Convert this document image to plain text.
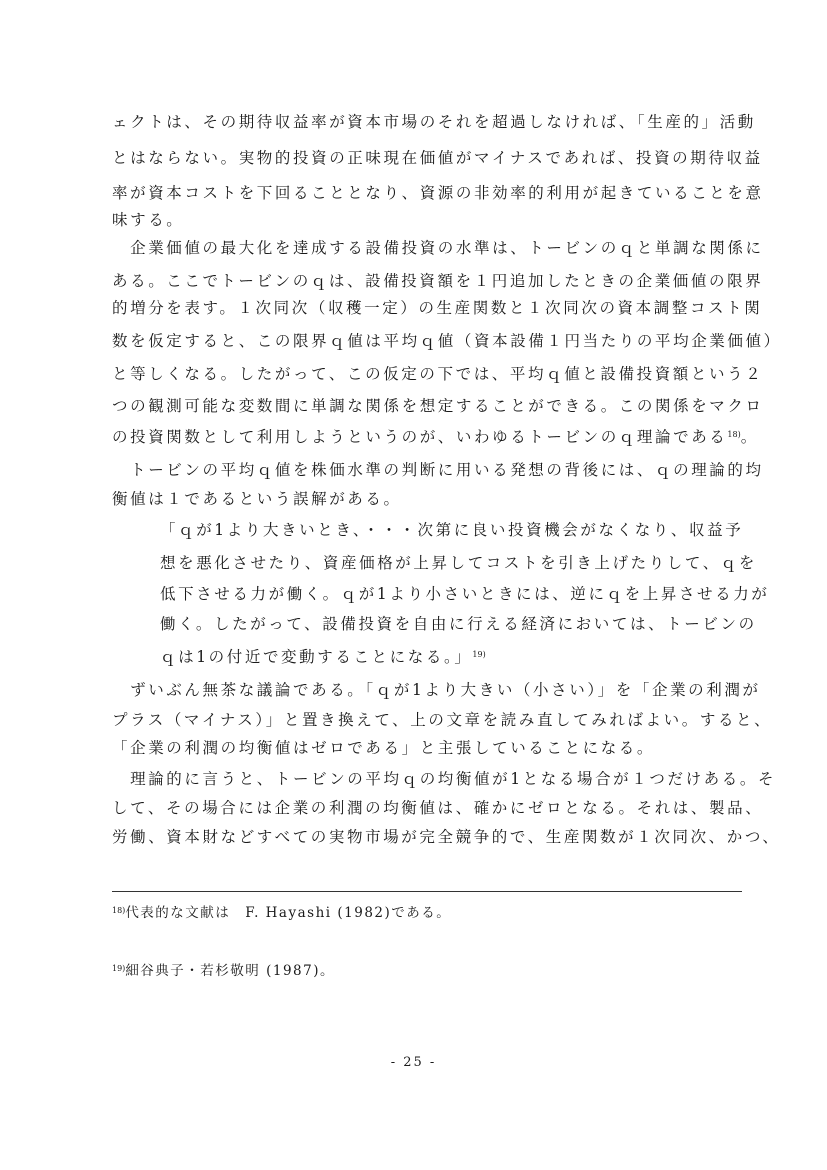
ェクトは、その期待収益率が資本市場のそれを超過しなければ、「生産的」活動
とはならない。実物的投資の正味現在価値がマイナスであれば、投資の期待収益
率が資本コストを下回ることとなり、資源の非効率的利用が起きていることを意
味する。
　企業価値の最大化を達成する設備投資の水準は、トービンのｑと単調な関係に
ある。ここでトービンのｑは、設備投資額を１円追加したときの企業価値の限界
的増分を表す。１次同次（収穫一定）の生産関数と１次同次の資本調整コスト関
数を仮定すると、この限界ｑ値は平均ｑ値（資本設備１円当たりの平均企業価値）
と等しくなる。したがって、この仮定の下では、平均ｑ値と設備投資額という２
つの観測可能な変数間に単調な関係を想定することができる。この関係をマクロ
の投資関数として利用しようというのが、いわゆるトービンのｑ理論である$^{18)}$。
　トービンの平均ｑ値を株価水準の判断に用いる発想の背後には、ｑの理論的均
衡値は１であるという誤解がある。
「ｑが1より大きいとき、・・・次第に良い投資機会がなくなり、収益予
想を悪化させたり、資産価格が上昇してコストを引き上げたりして、ｑを
低下させる力が働く。ｑが1より小さいときには、逆にｑを上昇させる力が
働く。したがって、設備投資を自由に行える経済においては、トービンの
ｑは1の付近で変動することになる。」$^{19)}$
　ずいぶん無茶な議論である。「ｑが1より大きい（小さい）」を「企業の利潤が
プラス（マイナス）」と置き換えて、上の文章を読み直してみればよい。すると、
「企業の利潤の均衡値はゼロである」と主張していることになる。
　理論的に言うと、トービンの平均ｑの均衡値が1となる場合が１つだけある。そ
して、その場合には企業の利潤の均衡値は、確かにゼロとなる。それは、製品、
労働、資本財などすべての実物市場が完全競争的で、生産関数が１次同次、かつ、
$^{18)}$代表的な文献は　F. Hayashi (1982)である。
$^{19)}$細谷典子・若杉敬明 (1987)。
- 25 -
